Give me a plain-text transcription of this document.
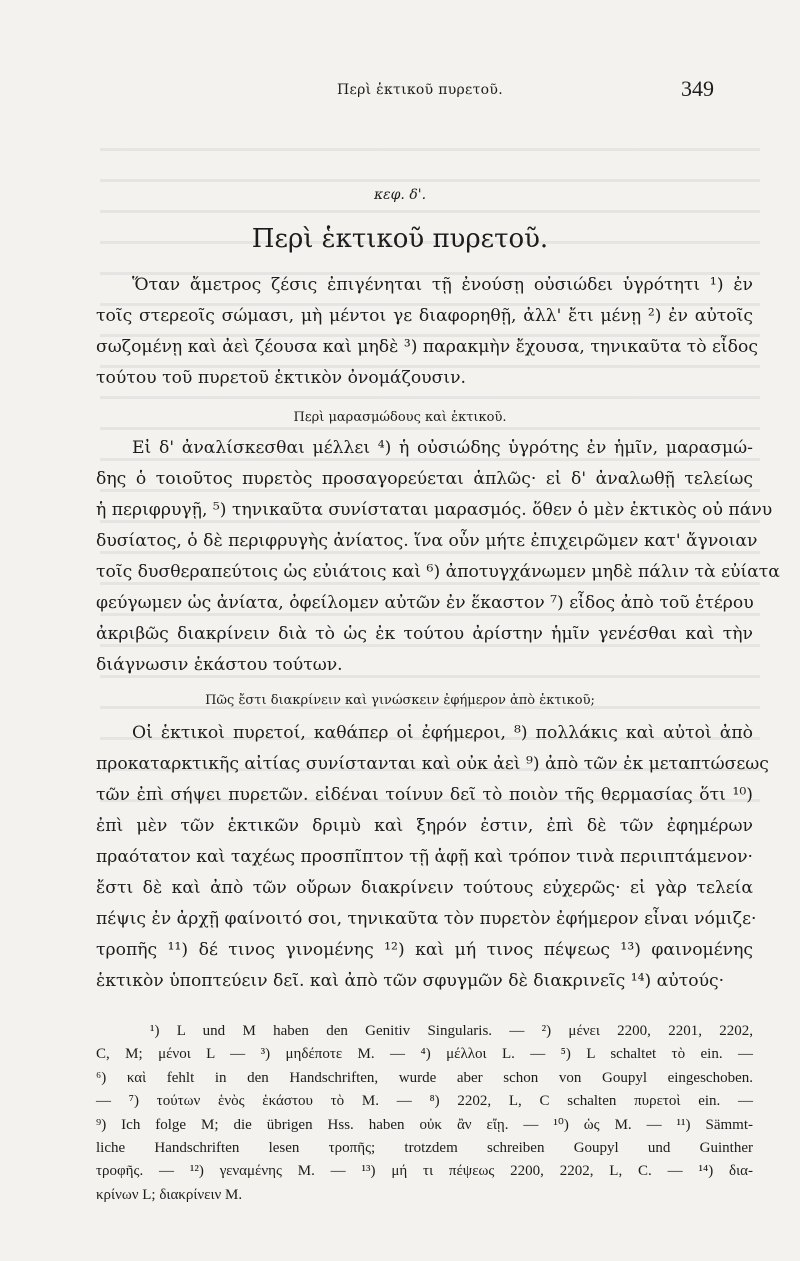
Περὶ ἑκτικοῦ πυρετοῦ.	349
κεφ. δ'.
Περὶ ἑκτικοῦ πυρετοῦ.
Ὅταν ἄμετρος ζέσις ἐπιγένηται τῇ ἐνούσῃ οὐσιώδει ὑγρότητι ¹) ἐν
τοῖς στερεοῖς σώμασι, μὴ μέντοι γε διαφορηθῇ, ἀλλ' ἔτι μένῃ ²) ἐν αὐτοῖς
σωζομένῃ καὶ ἀεὶ ζέουσα καὶ μηδὲ ³) παρακμὴν ἔχουσα, τηνικαῦτα τὸ εἶδος
τούτου τοῦ πυρετοῦ ἑκτικὸν ὀνομάζουσιν.
Περὶ μαρασμώδους καὶ ἑκτικοῦ.
Εἰ δ' ἀναλίσκεσθαι μέλλει ⁴) ἡ οὐσιώδης ὑγρότης ἐν ἡμῖν, μαρασμώ-
δης ὁ τοιοῦτος πυρετὸς προσαγορεύεται ἁπλῶς· εἰ δ' ἀναλωθῇ τελείως
ἡ περιφρυγῇ, ⁵) τηνικαῦτα συνίσταται μαρασμός. ὅθεν ὁ μὲν ἑκτικὸς οὐ πάνυ
δυσίατος, ὁ δὲ περιφρυγὴς ἀνίατος. ἵνα οὖν μήτε ἐπιχειρῶμεν κατ' ἄγνοιαν
τοῖς δυσθεραπεύτοις ὡς εὐιάτοις καὶ ⁶) ἀποτυγχάνωμεν μηδὲ πάλιν τὰ εὐίατα
φεύγωμεν ὡς ἀνίατα, ὀφείλομεν αὐτῶν ἐν ἕκαστον ⁷) εἶδος ἀπὸ τοῦ ἑτέρου
ἀκριβῶς διακρίνειν διὰ τὸ ὡς ἐκ τούτου ἀρίστην ἡμῖν γενέσθαι καὶ τὴν
διάγνωσιν ἑκάστου τούτων.
Πῶς ἔστι διακρίνειν καὶ γινώσκειν ἐφήμερον ἀπὸ ἑκτικοῦ;
Οἱ ἑκτικοὶ πυρετοί, καθάπερ οἱ ἐφήμεροι, ⁸) πολλάκις καὶ αὐτοὶ ἀπὸ
προκαταρκτικῆς αἰτίας συνίστανται καὶ οὐκ ἀεὶ ⁹) ἀπὸ τῶν ἐκ μεταπτώσεως
τῶν ἐπὶ σήψει πυρετῶν. εἰδέναι τοίνυν δεῖ τὸ ποιὸν τῆς θερμασίας ὅτι ¹⁰)
ἐπὶ μὲν τῶν ἑκτικῶν δριμὺ καὶ ξηρόν ἐστιν, ἐπὶ δὲ τῶν ἐφημέρων
πραότατον καὶ ταχέως προσπῖπτον τῇ ἁφῇ καὶ τρόπον τινὰ περιιπτάμενον·
ἔστι δὲ καὶ ἀπὸ τῶν οὔρων διακρίνειν τούτους εὐχερῶς· εἰ γὰρ τελεία
πέψις ἐν ἀρχῇ φαίνοιτό σοι, τηνικαῦτα τὸν πυρετὸν ἐφήμερον εἶναι νόμιζε·
τροπῆς ¹¹) δέ τινος γινομένης ¹²) καὶ μή τινος πέψεως ¹³) φαινομένης
ἑκτικὸν ὑποπτεύειν δεῖ. καὶ ἀπὸ τῶν σφυγμῶν δὲ διακρινεῖς ¹⁴) αὐτούς·
¹) L und M haben den Genitiv Singularis. — ²) μένει 2200, 2201, 2202,
C, M; μένοι L — ³) μηδέποτε M. — ⁴) μέλλοι L. — ⁵) L schaltet τὸ ein. —
⁶) καὶ fehlt in den Handschriften, wurde aber schon von Goupyl eingeschoben.
— ⁷) τούτων ἑνὸς ἑκάστου τὸ M. — ⁸) 2202, L, C schalten πυρετοὶ ein. —
⁹) Ich folge M; die übrigen Hss. haben οὐκ ἂν εἴῃ. — ¹⁰) ὡς M. — ¹¹) Sämmt-
liche Handschriften lesen τροπῆς; trotzdem schreiben Goupyl und Guinther
τροφῆς. — ¹²) γεναμένης M. — ¹³) μή τι πέψεως 2200, 2202, L, C. — ¹⁴) δια-
κρίνων L; διακρίνειν M.
